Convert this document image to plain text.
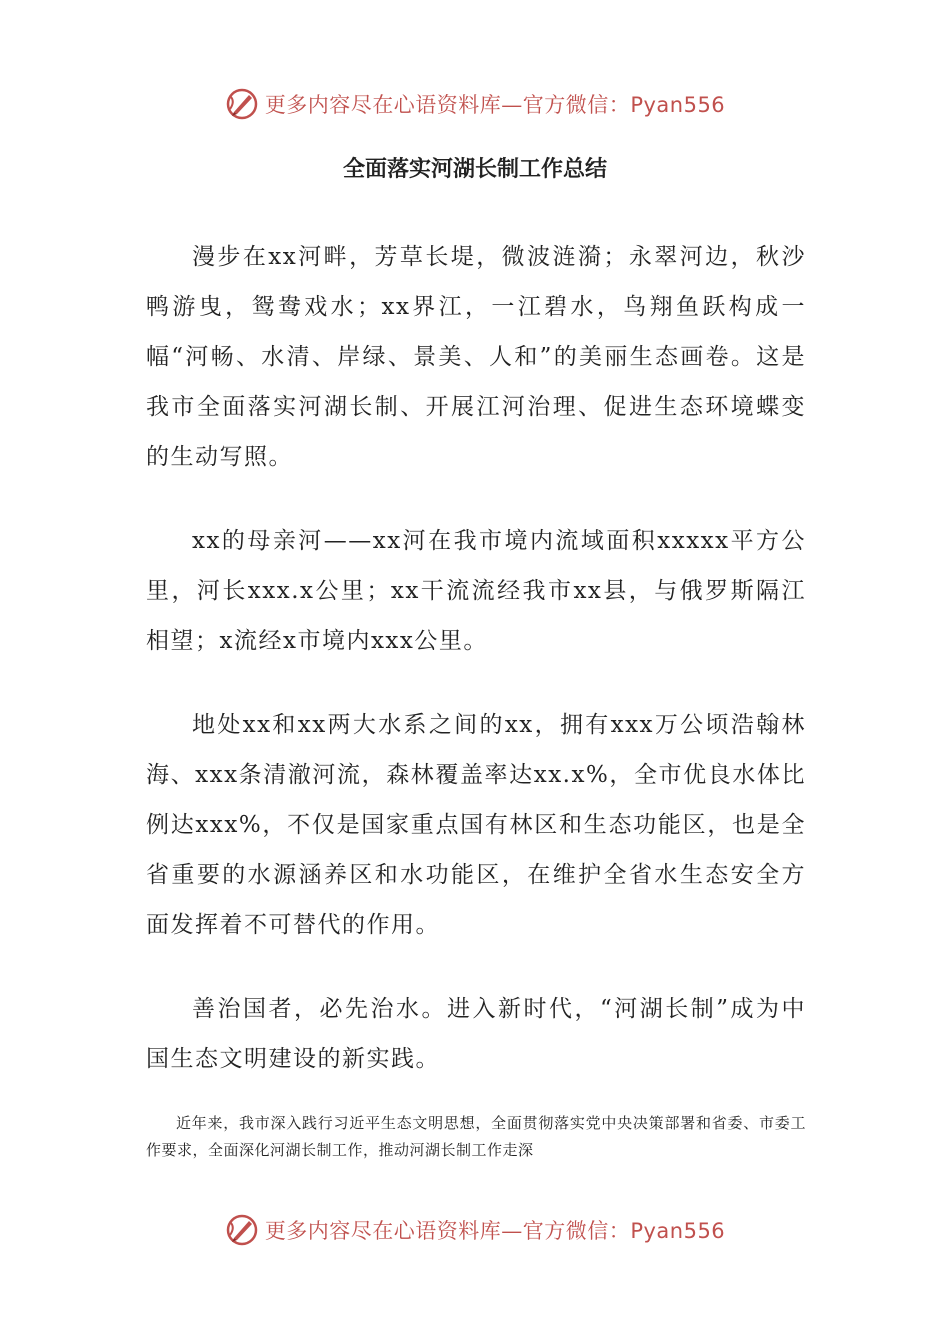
更多内容尽在心语资料库—官方微信：Pyan556
全面落实河湖长制工作总结

漫步在xx河畔，芳草长堤，微波涟漪；永翠河边，秋沙鸭游曳，鸳鸯戏水；xx界江，一江碧水，鸟翔鱼跃构成一幅“河畅、水清、岸绿、景美、人和”的美丽生态画卷。这是我市全面落实河湖长制、开展江河治理、促进生态环境蝶变的生动写照。

xx的母亲河——xx河在我市境内流域面积xxxxx平方公里，河长xxx.x公里；xx干流流经我市xx县，与俄罗斯隔江相望；x流经x市境内xxx公里。

地处xx和xx两大水系之间的xx，拥有xxx万公顷浩翰林海、xxx条清澈河流，森林覆盖率达xx.x%，全市优良水体比例达xxx%，不仅是国家重点国有林区和生态功能区，也是全省重要的水源涵养区和水功能区，在维护全省水生态安全方面发挥着不可替代的作用。

善治国者，必先治水。进入新时代，“河湖长制”成为中国生态文明建设的新实践。

近年来，我市深入践行习近平生态文明思想，全面贯彻落实党中央决策部署和省委、市委工作要求，全面深化河湖长制工作，推动河湖长制工作走深

更多内容尽在心语资料库—官方微信：Pyan556
